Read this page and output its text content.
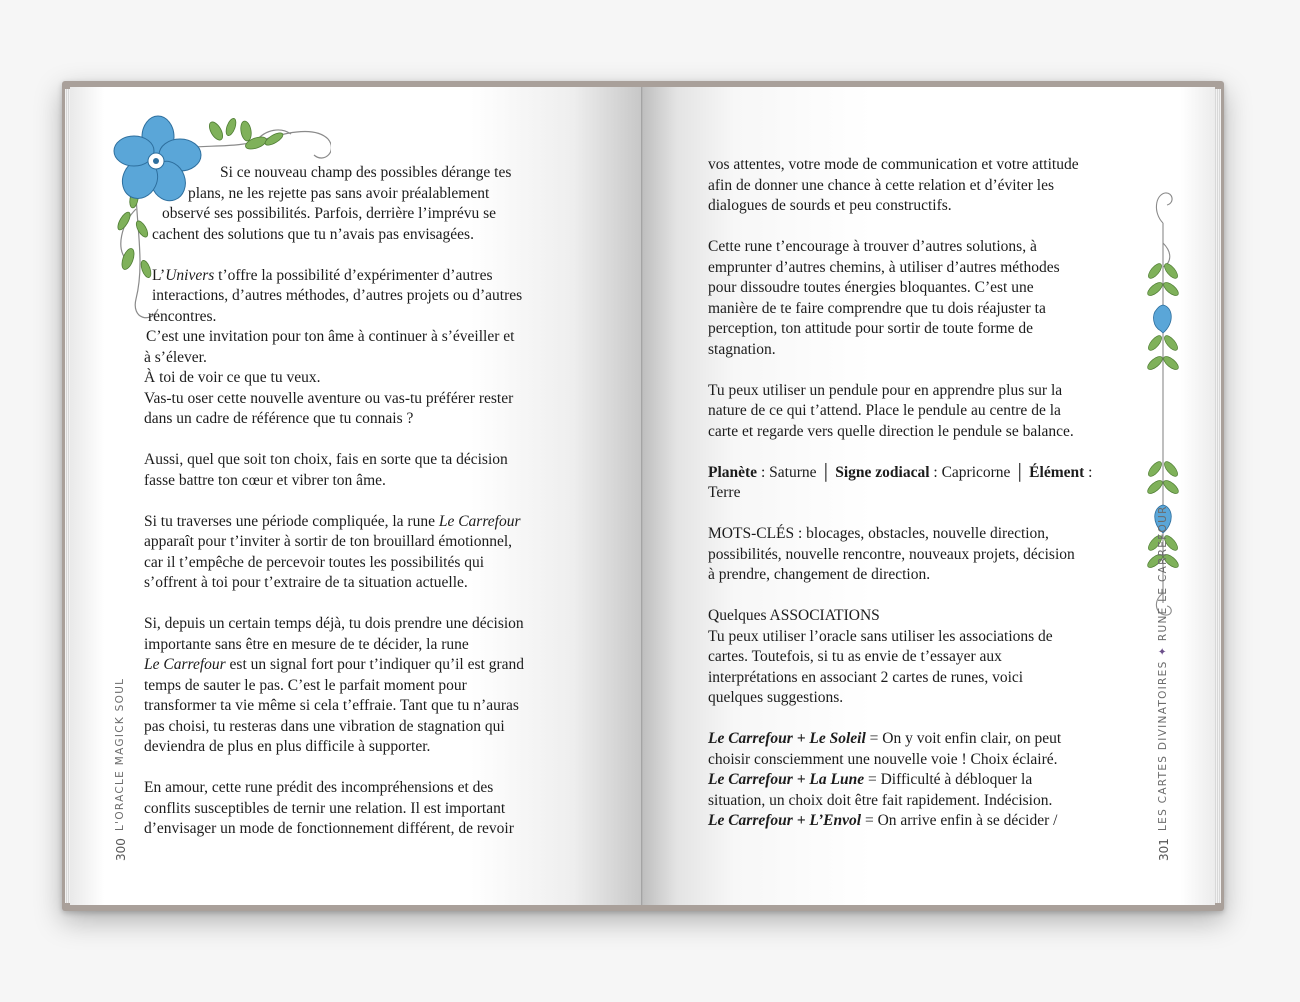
Si ce nouveau champ des possibles dérange tes

plans, ne les rejette pas sans avoir préalablement

observé ses possibilités. Parfois, derrière l’imprévu se

cachent des solutions que tu n’avais pas envisagées.

L’Univers t’offre la possibilité d’expérimenter d’autres

interactions, d’autres méthodes, d’autres projets ou d’autres

rencontres.

C’est une invitation pour ton âme à continuer à s’éveiller et

à s’élever.

À toi de voir ce que tu veux.

Vas-tu oser cette nouvelle aventure ou vas-tu préférer rester

dans un cadre de référence que tu connais ?

Aussi, quel que soit ton choix, fais en sorte que ta décision

fasse battre ton cœur et vibrer ton âme.

Si tu traverses une période compliquée, la rune Le Carrefour

apparaît pour t’inviter à sortir de ton brouillard émotionnel,

car il t’empêche de percevoir toutes les possibilités qui

s’offrent à toi pour t’extraire de ta situation actuelle.

Si, depuis un certain temps déjà, tu dois prendre une décision

importante sans être en mesure de te décider, la rune

Le Carrefour est un signal fort pour t’indiquer qu’il est grand

temps de sauter le pas. C’est le parfait moment pour

transformer ta vie même si cela t’effraie. Tant que tu n’auras

pas choisi, tu resteras dans une vibration de stagnation qui

deviendra de plus en plus difficile à supporter.

En amour, cette rune prédit des incompréhensions et des

conflits susceptibles de ternir une relation. Il est important

d’envisager un mode de fonctionnement différent, de revoir

L'ORACLE MAGICK SOUL
300

vos attentes, votre mode de communication et votre attitude

afin de donner une chance à cette relation et d’éviter les

dialogues de sourds et peu constructifs.

Cette rune t’encourage à trouver d’autres solutions, à

emprunter d’autres chemins, à utiliser d’autres méthodes

pour dissoudre toutes énergies bloquantes. C’est une

manière de te faire comprendre que tu dois réajuster ta

perception, ton attitude pour sortir de toute forme de

stagnation.

Tu peux utiliser un pendule pour en apprendre plus sur la

nature de ce qui t’attend. Place le pendule au centre de la

carte et regarde vers quelle direction le pendule se balance.

Planète : Saturne │ Signe zodiacal : Capricorne │ Élément :

Terre

MOTS-CLÉS : blocages, obstacles, nouvelle direction,

possibilités, nouvelle rencontre, nouveaux projets, décision

à prendre, changement de direction.

Quelques ASSOCIATIONS

Tu peux utiliser l’oracle sans utiliser les associations de

cartes. Toutefois, si tu as envie de t’essayer aux

interprétations en associant 2 cartes de runes, voici

quelques suggestions.

Le Carrefour + Le Soleil = On y voit enfin clair, on peut

choisir consciemment une nouvelle voie ! Choix éclairé.

Le Carrefour + La Lune = Difficulté à débloquer la

situation, un choix doit être fait rapidement. Indécision.

Le Carrefour + L’Envol = On arrive enfin à se décider /	LES CARTES DIVINATOIRES ✦ RUNE LE CARREFOUR
301
